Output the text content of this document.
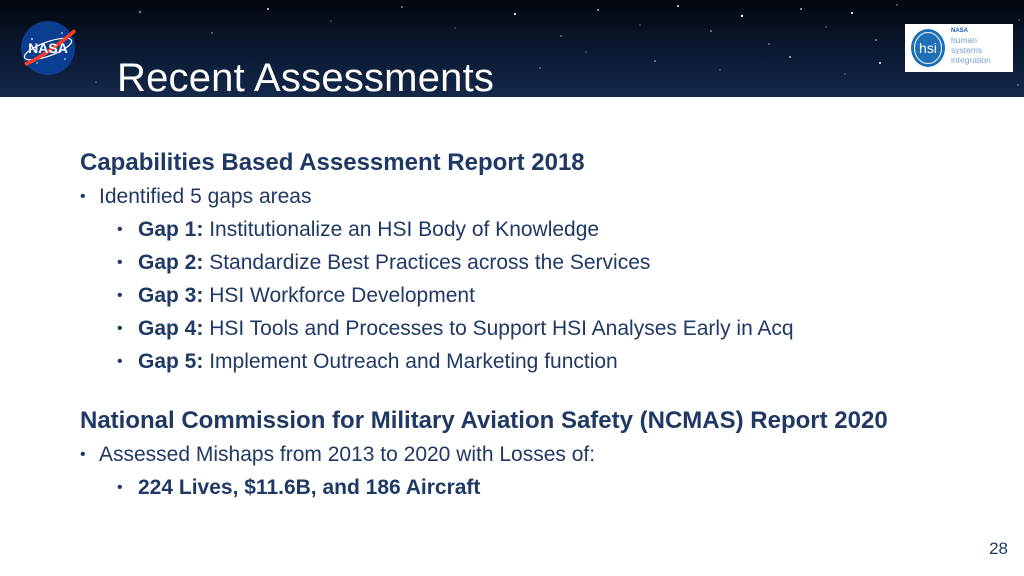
NASA
Recent Assessments
hsi
NASA
human
systems
integration
Capabilities Based Assessment Report 2018
• Identified 5 gaps areas
• Gap 1: Institutionalize an HSI Body of Knowledge
• Gap 2: Standardize Best Practices across the Services
• Gap 3: HSI Workforce Development
• Gap 4: HSI Tools and Processes to Support HSI Analyses Early in Acq
• Gap 5: Implement Outreach and Marketing function
National Commission for Military Aviation Safety (NCMAS) Report 2020
• Assessed Mishaps from 2013 to 2020 with Losses of:
• 224 Lives, $11.6B, and 186 Aircraft
28
